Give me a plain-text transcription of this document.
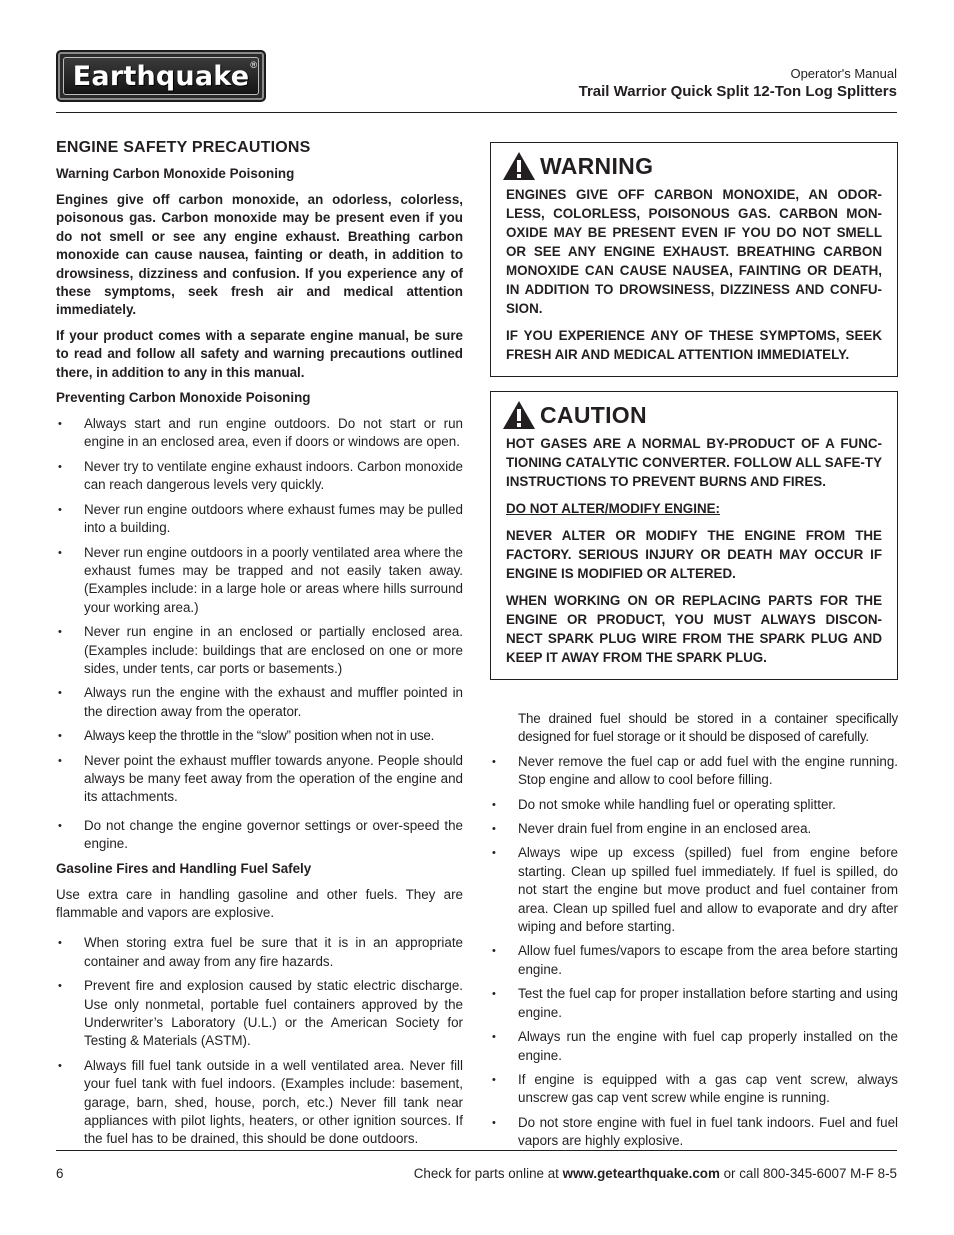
Earthquake ®
Operator's Manual
Trail Warrior Quick Split 12-Ton Log Splitters
ENGINE SAFETY PRECAUTIONS
Warning Carbon Monoxide Poisoning

Engines give off carbon monoxide, an odorless, colorless, poisonous gas. Carbon monoxide may be present even if you do not smell or see any engine exhaust. Breathing carbon monoxide can cause nausea, fainting or death, in addition to drowsiness, dizziness and confusion. If you experience any of these symptoms, seek fresh air and medical attention immediately.

If your product comes with a separate engine manual, be sure to read and follow all safety and warning precautions outlined there, in addition to any in this manual.

Preventing Carbon Monoxide Poisoning
• Always start and run engine outdoors. Do not start or run engine in an enclosed area, even if doors or windows are open.
• Never try to ventilate engine exhaust indoors. Carbon monoxide can reach dangerous levels very quickly.
• Never run engine outdoors where exhaust fumes may be pulled into a building.
• Never run engine outdoors in a poorly ventilated area where the exhaust fumes may be trapped and not easily taken away. (Examples include: in a large hole or areas where hills surround your working area.)
• Never run engine in an enclosed or partially enclosed area. (Examples include: buildings that are enclosed on one or more sides, under tents, car ports or basements.)
• Always run the engine with the exhaust and muffler pointed in the direction away from the operator.
• Always keep the throttle in the “slow” position when not in use.
• Never point the exhaust muffler towards anyone. People should always be many feet away from the operation of the engine and its attachments.
• Do not change the engine governor settings or over-speed the engine.
Gasoline Fires and Handling Fuel Safely

Use extra care in handling gasoline and other fuels. They are flammable and vapors are explosive.

• When storing extra fuel be sure that it is in an appropriate container and away from any fire hazards.
• Prevent fire and explosion caused by static electric discharge. Use only nonmetal, portable fuel containers approved by the Underwriter’s Laboratory (U.L.) or the American Society for Testing & Materials (ASTM).
• Always fill fuel tank outside in a well ventilated area. Never fill your fuel tank with fuel indoors. (Examples include: basement, garage, barn, shed, house, porch, etc.) Never fill tank near appliances with pilot lights, heaters, or other ignition sources. If the fuel has to be drained, this should be done outdoors.
WARNING

ENGINES GIVE OFF CARBON MONOXIDE, AN ODOR-LESS, COLORLESS, POISONOUS GAS. CARBON MON-OXIDE MAY BE PRESENT EVEN IF YOU DO NOT SMELL OR SEE ANY ENGINE EXHAUST. BREATHING CARBON MONOXIDE CAN CAUSE NAUSEA, FAINTING OR DEATH, IN ADDITION TO DROWSINESS, DIZZINESS AND CONFU-SION.

IF YOU EXPERIENCE ANY OF THESE SYMPTOMS, SEEK FRESH AIR AND MEDICAL ATTENTION IMMEDIATELY.

CAUTION

HOT GASES ARE A NORMAL BY-PRODUCT OF A FUNC-TIONING CATALYTIC CONVERTER. FOLLOW ALL SAFE-TY INSTRUCTIONS TO PREVENT BURNS AND FIRES.

DO NOT ALTER/MODIFY ENGINE:

NEVER ALTER OR MODIFY THE ENGINE FROM THE FACTORY. SERIOUS INJURY OR DEATH MAY OCCUR IF ENGINE IS MODIFIED OR ALTERED.

WHEN WORKING ON OR REPLACING PARTS FOR THE ENGINE OR PRODUCT, YOU MUST ALWAYS DISCON-NECT SPARK PLUG WIRE FROM THE SPARK PLUG AND KEEP IT AWAY FROM THE SPARK PLUG.

The drained fuel should be stored in a container specifically designed for fuel storage or it should be disposed of carefully.

• Never remove the fuel cap or add fuel with the engine running. Stop engine and allow to cool before filling.
• Do not smoke while handling fuel or operating splitter.
• Never drain fuel from engine in an enclosed area.
• Always wipe up excess (spilled) fuel from engine before starting. Clean up spilled fuel immediately. If fuel is spilled, do not start the engine but move product and fuel container from area. Clean up spilled fuel and allow to evaporate and dry after wiping and before starting.
• Allow fuel fumes/vapors to escape from the area before starting engine.
• Test the fuel cap for proper installation before starting and using engine.
• Always run the engine with fuel cap properly installed on the engine.
• If engine is equipped with a gas cap vent screw, always unscrew gas cap vent screw while engine is running.
• Do not store engine with fuel in fuel tank indoors. Fuel and fuel vapors are highly explosive.
6	Check for parts online at www.getearthquake.com or call 800-345-6007 M-F 8-5
